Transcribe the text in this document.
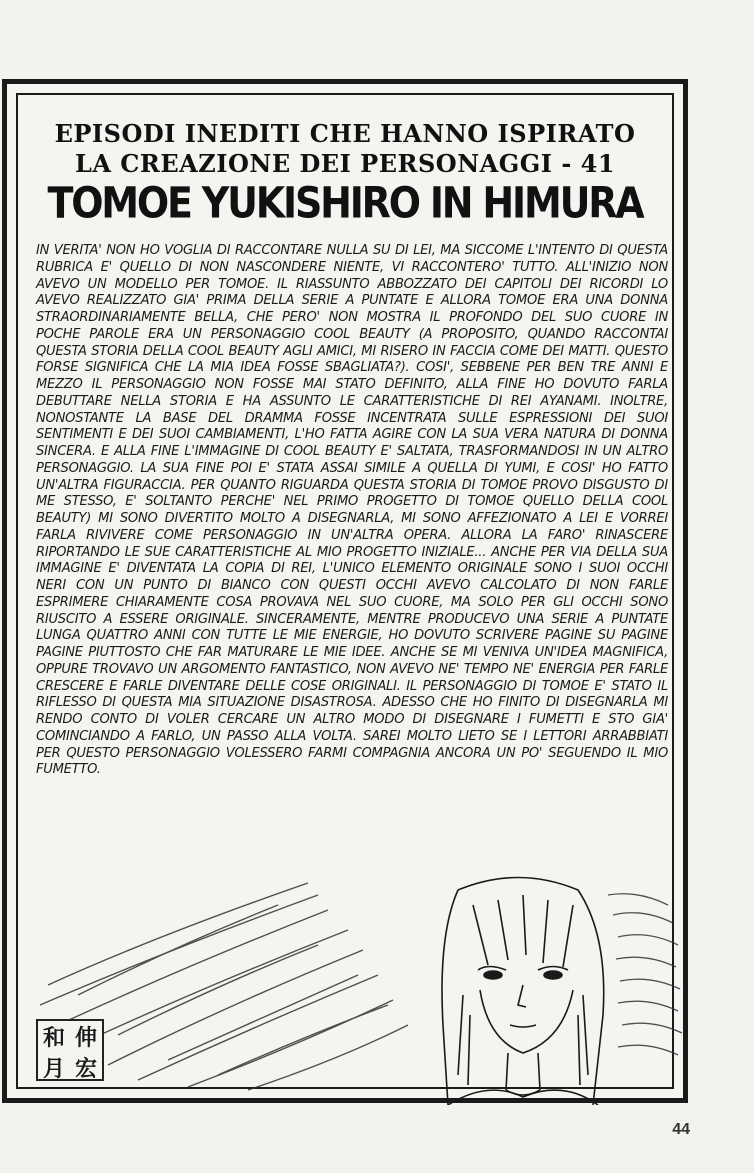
EPISODI INEDITI CHE HANNO ISPIRATO
LA CREAZIONE DEI PERSONAGGI - 41
TOMOE YUKISHIRO IN HIMURA
IN VERITA' NON HO VOGLIA DI RACCONTARE NULLA SU DI LEI, MA SICCOME L'INTENTO DI QUESTA RUBRICA E' QUELLO DI NON NASCONDERE NIENTE, VI RACCONTERO' TUTTO. ALL'INIZIO NON AVEVO UN MODELLO PER TOMOE. IL RIASSUNTO ABBOZZATO DEI CAPITOLI DEI RICORDI LO AVEVO REALIZZATO GIA' PRIMA DELLA SERIE A PUNTATE E ALLORA TOMOE ERA UNA DONNA STRAORDINARIAMENTE BELLA, CHE PERO' NON MOSTRA IL PROFONDO DEL SUO CUORE IN POCHE PAROLE ERA UN PERSONAGGIO COOL BEAUTY (A PROPOSITO, QUANDO RACCONTAI QUESTA STORIA DELLA COOL BEAUTY AGLI AMICI, MI RISERO IN FACCIA COME DEI MATTI. QUESTO FORSE SIGNIFICA CHE LA MIA IDEA FOSSE SBAGLIATA?). COSI', SEBBENE PER BEN TRE ANNI E MEZZO IL PERSONAGGIO NON FOSSE MAI STATO DEFINITO, ALLA FINE HO DOVUTO FARLA DEBUTTARE NELLA STORIA E HA ASSUNTO LE CARATTERISTICHE DI REI AYANAMI. INOLTRE, NONOSTANTE LA BASE DEL DRAMMA FOSSE INCENTRATA SULLE ESPRESSIONI DEI SUOI SENTIMENTI E DEI SUOI CAMBIAMENTI, L'HO FATTA AGIRE CON LA SUA VERA NATURA DI DONNA SINCERA. E ALLA FINE L'IMMAGINE DI COOL BEAUTY E' SALTATA, TRASFORMANDOSI IN UN ALTRO PERSONAGGIO. LA SUA FINE POI E' STATA ASSAI SIMILE A QUELLA DI YUMI, E COSI' HO FATTO UN'ALTRA FIGURACCIA. PER QUANTO RIGUARDA QUESTA STORIA DI TOMOE PROVO DISGUSTO DI ME STESSO, E' SOLTANTO PERCHE' NEL PRIMO PROGETTO DI TOMOE QUELLO DELLA COOL BEAUTY) MI SONO DIVERTITO MOLTO A DISEGNARLA, MI SONO AFFEZIONATO A LEI E VORREI FARLA RIVIVERE COME PERSONAGGIO IN UN'ALTRA OPERA. ALLORA LA FARO' RINASCERE RIPORTANDO LE SUE CARATTERISTICHE AL MIO PROGETTO INIZIALE... ANCHE PER VIA DELLA SUA IMMAGINE E' DIVENTATA LA COPIA DI REI, L'UNICO ELEMENTO ORIGINALE SONO I SUOI OCCHI NERI CON UN PUNTO DI BIANCO CON QUESTI OCCHI AVEVO CALCOLATO DI NON FARLE ESPRIMERE CHIARAMENTE COSA PROVAVA NEL SUO CUORE, MA SOLO PER GLI OCCHI SONO RIUSCITO A ESSERE ORIGINALE. SINCERAMENTE, MENTRE PRODUCEVO UNA SERIE A PUNTATE LUNGA QUATTRO ANNI CON TUTTE LE MIE ENERGIE, HO DOVUTO SCRIVERE PAGINE SU PAGINE PAGINE PIUTTOSTO CHE FAR MATURARE LE MIE IDEE. ANCHE SE MI VENIVA UN'IDEA MAGNIFICA, OPPURE TROVAVO UN ARGOMENTO FANTASTICO, NON AVEVO NE' TEMPO NE' ENERGIA PER FARLE CRESCERE E FARLE DIVENTARE DELLE COSE ORIGINALI. IL PERSONAGGIO DI TOMOE E' STATO IL RIFLESSO DI QUESTA MIA SITUAZIONE DISASTROSA. ADESSO CHE HO FINITO DI DISEGNARLA MI RENDO CONTO DI VOLER CERCARE UN ALTRO MODO DI DISEGNARE I FUMETTI E STO GIA' COMINCIANDO A FARLO, UN PASSO ALLA VOLTA. SAREI MOLTO LIETO SE I LETTORI ARRABBIATI PER QUESTO PERSONAGGIO VOLESSERO FARMI COMPAGNIA ANCORA UN PO' SEGUENDO IL MIO FUMETTO.
和 伸
月 宏
44
